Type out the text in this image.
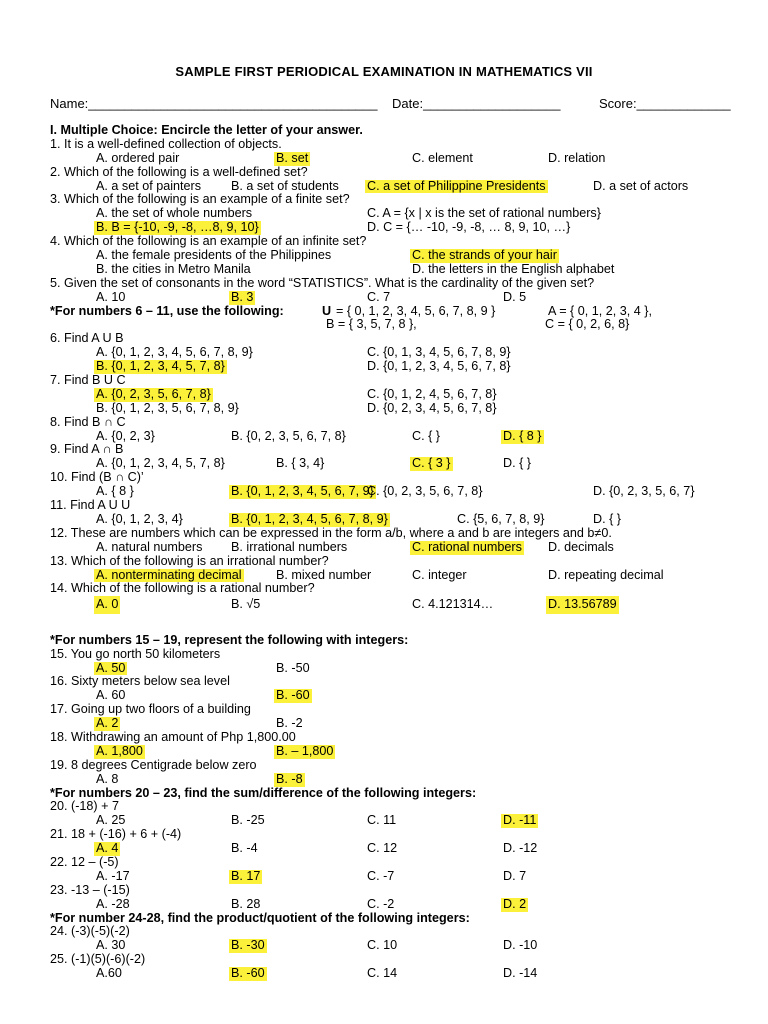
SAMPLE FIRST PERIODICAL EXAMINATION IN MATHEMATICS VII
Name:________________________________________ Date:___________________	Score:_____________
I. Multiple Choice: Encircle the letter of your answer.
1. It is a well-defined collection of objects.
A. ordered pair	B. set	C. element	D. relation
2. Which of the following is a well-defined set?
A. a set of painters B. a set of students C. a set of Philippine Presidents	D. a set of actors
3. Which of the following is an example of a finite set?
A. the set of whole numbers	C. A = {x | x is the set of rational numbers}
B. B = {-10, -9, -8, …8, 9, 10}	D. C = {… -10, -9, -8, … 8, 9, 10, …}
4. Which of the following is an example of an infinite set?
A. the female presidents of the Philippines	C. the strands of your hair
B. the cities in Metro Manila	D. the letters in the English alphabet
5. Given the set of consonants in the word “STATISTICS”. What is the cardinality of the given set?
A. 10	B. 3	C. 7	D. 5
*For numbers 6 – 11, use the following:	U = { 0, 1, 2, 3, 4, 5, 6, 7, 8, 9 }	A = { 0, 1, 2, 3, 4 },
B = { 3, 5, 7, 8 },	C = { 0, 2, 6, 8}
6. Find A U B
A. {0, 1, 2, 3, 4, 5, 6, 7, 8, 9}	C. {0, 1, 3, 4, 5, 6, 7, 8, 9}
B. {0, 1, 2, 3, 4, 5, 7, 8}	D. {0, 1, 2, 3, 4, 5, 6, 7, 8}
7. Find B U C
A. {0, 2, 3, 5, 6, 7, 8}	C. {0, 1, 2, 4, 5, 6, 7, 8}
B. {0, 1, 2, 3, 5, 6, 7, 8, 9}	D. {0, 2, 3, 4, 5, 6, 7, 8}
8. Find B ∩ C
A. {0, 2, 3}	B. {0, 2, 3, 5, 6, 7, 8}	C. { }	D. { 8 }
9. Find A ∩ B
A. {0, 1, 2, 3, 4, 5, 7, 8}	B. { 3, 4}	C. { 3 }	D. { }
10. Find (B ∩ C)’
A. { 8 }	B. {0, 1, 2, 3, 4, 5, 6, 7, 9}
C. {0, 2, 3, 5, 6, 7, 8}	D. {0, 2, 3, 5, 6, 7}
11. Find A U U
A. {0, 1, 2, 3, 4}	B. {0, 1, 2, 3, 4, 5, 6, 7, 8, 9}	C. {5, 6, 7, 8, 9}	D. { }
12. These are numbers which can be expressed in the form a/b, where a and b are integers and b≠0.
A. natural numbers B. irrational numbers	C. rational numbers D. decimals
13. Which of the following is an irrational number?
A. nonterminating decimal	B. mixed number	C. integer	D. repeating decimal
14. Which of the following is a rational number?
A. 0	B. √5	C. 4.121314…	D. 13.56789
*For numbers 15 – 19, represent the following with integers:
15. You go north 50 kilometers
A. 50	B. -50
16. Sixty meters below sea level
A. 60	B. -60
17. Going up two floors of a building
A. 2	B. -2
18. Withdrawing an amount of Php 1,800.00
A. 1,800	B. – 1,800
19. 8 degrees Centigrade below zero
A. 8	B. -8
*For numbers 20 – 23, find the sum/difference of the following integers:
20. (-18) + 7
A. 25	B. -25	C. 11	D. -11
21. 18 + (-16) + 6 + (-4)
A. 4	B. -4	C. 12	D. -12
22. 12 – (-5)
A. -17	B. 17	C. -7	D. 7
23. -13 – (-15)
A. -28	B. 28	C. -2	D. 2
*For number 24-28, find the product/quotient of the following integers:
24. (-3)(-5)(-2)
A. 30	B. -30	C. 10	D. -10
25. (-1)(5)(-6)(-2)
A.60	B. -60	C. 14	D. -14
